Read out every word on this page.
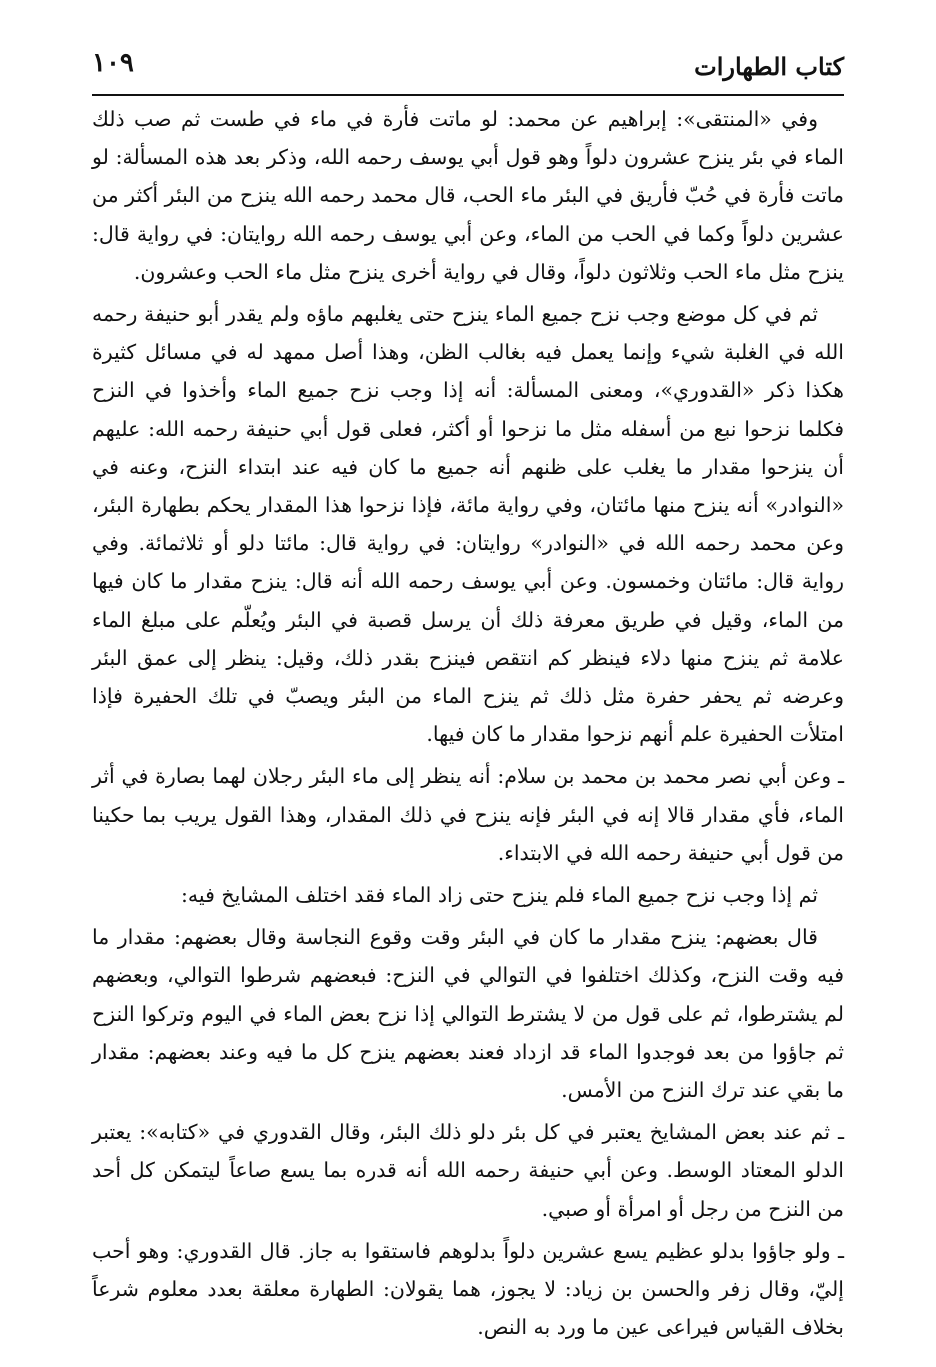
كتاب الطهارات
١٠٩

وفي «المنتقى»: إبراهيم عن محمد: لو ماتت فأرة في ماء في طست ثم صب ذلك الماء في بئر ينزح عشرون دلواً وهو قول أبي يوسف رحمه الله، وذكر بعد هذه المسألة: لو ماتت فأرة في حُبّ فأريق في البئر ماء الحب، قال محمد رحمه الله ينزح من البئر أكثر من عشرين دلواً وكما في الحب من الماء، وعن أبي يوسف رحمه الله روايتان: في رواية قال: ينزح مثل ماء الحب وثلاثون دلواً، وقال في رواية أخرى ينزح مثل ماء الحب وعشرون.

ثم في كل موضع وجب نزح جميع الماء ينزح حتى يغلبهم ماؤه ولم يقدر أبو حنيفة رحمه الله في الغلبة شيء وإنما يعمل فيه بغالب الظن، وهذا أصل ممهد له في مسائل كثيرة هكذا ذكر «القدوري»، ومعنى المسألة: أنه إذا وجب نزح جميع الماء وأخذوا في النزح فكلما نزحوا نبع من أسفله مثل ما نزحوا أو أكثر، فعلى قول أبي حنيفة رحمه الله: عليهم أن ينزحوا مقدار ما يغلب على ظنهم أنه جميع ما كان فيه عند ابتداء النزح، وعنه في «النوادر» أنه ينزح منها مائتان، وفي رواية مائة، فإذا نزحوا هذا المقدار يحكم بطهارة البئر، وعن محمد رحمه الله في «النوادر» روايتان: في رواية قال: مائتا دلو أو ثلاثمائة. وفي رواية قال: مائتان وخمسون. وعن أبي يوسف رحمه الله أنه قال: ينزح مقدار ما كان فيها من الماء، وقيل في طريق معرفة ذلك أن يرسل قصبة في البئر ويُعلّم على مبلغ الماء علامة ثم ينزح منها دلاء فينظر كم انتقص فينزح بقدر ذلك، وقيل: ينظر إلى عمق البئر وعرضه ثم يحفر حفرة مثل ذلك ثم ينزح الماء من البئر ويصبّ في تلك الحفيرة فإذا امتلأت الحفيرة علم أنهم نزحوا مقدار ما كان فيها.

ـ وعن أبي نصر محمد بن محمد بن سلام: أنه ينظر إلى ماء البئر رجلان لهما بصارة في أثر الماء، فأي مقدار قالا إنه في البئر فإنه ينزح في ذلك المقدار، وهذا القول يريب بما حكينا من قول أبي حنيفة رحمه الله في الابتداء.

ثم إذا وجب نزح جميع الماء فلم ينزح حتى زاد الماء فقد اختلف المشايخ فيه:

قال بعضهم: ينزح مقدار ما كان في البئر وقت وقوع النجاسة وقال بعضهم: مقدار ما فيه وقت النزح، وكذلك اختلفوا في التوالي في النزح: فبعضهم شرطوا التوالي، وبعضهم لم يشترطوا، ثم على قول من لا يشترط التوالي إذا نزح بعض الماء في اليوم وتركوا النزح ثم جاؤوا من بعد فوجدوا الماء قد ازداد فعند بعضهم ينزح كل ما فيه وعند بعضهم: مقدار ما بقي عند ترك النزح من الأمس.

ـ ثم عند بعض المشايخ يعتبر في كل بئر دلو ذلك البئر، وقال القدوري في «كتابه»: يعتبر الدلو المعتاد الوسط. وعن أبي حنيفة رحمه الله أنه قدره بما يسع صاعاً ليتمكن كل أحد من النزح من رجل أو امرأة أو صبي.

ـ ولو جاؤوا بدلو عظيم يسع عشرين دلواً بدلوهم فاستقوا به جاز. قال القدوري: وهو أحب إليّ، وقال زفر والحسن بن زياد: لا يجوز، هما يقولان: الطهارة معلقة بعدد معلوم شرعاً بخلاف القياس فيراعى عين ما ورد به النص.
